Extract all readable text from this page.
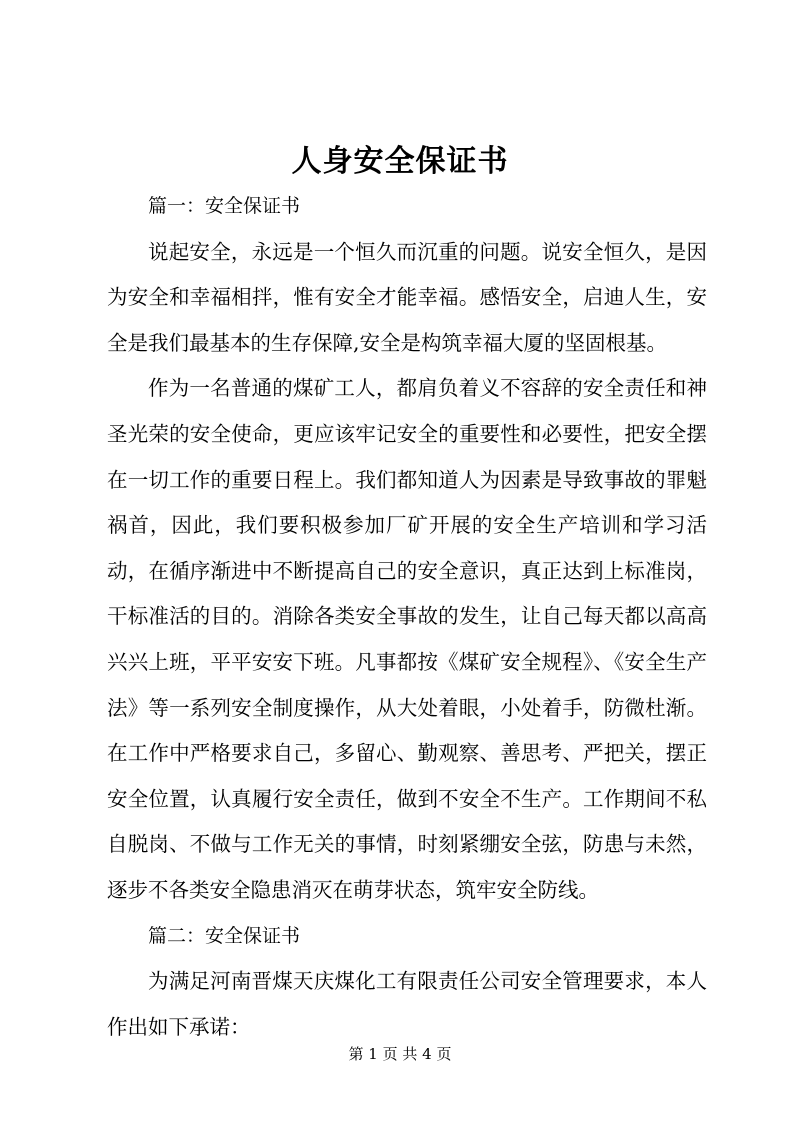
人身安全保证书

篇一：安全保证书

说起安全，永远是一个恒久而沉重的问题。说安全恒久，是因为安全和幸福相拌，惟有安全才能幸福。感悟安全，启迪人生，安全是我们最基本的生存保障,安全是构筑幸福大厦的坚固根基。

作为一名普通的煤矿工人，都肩负着义不容辞的安全责任和神圣光荣的安全使命，更应该牢记安全的重要性和必要性，把安全摆在一切工作的重要日程上。我们都知道人为因素是导致事故的罪魁祸首，因此，我们要积极参加厂矿开展的安全生产培训和学习活动，在循序渐进中不断提高自己的安全意识，真正达到上标准岗，干标准活的目的。消除各类安全事故的发生，让自己每天都以高高兴兴上班，平平安安下班。凡事都按《煤矿安全规程》、《安全生产法》等一系列安全制度操作，从大处着眼，小处着手，防微杜渐。在工作中严格要求自己，多留心、勤观察、善思考、严把关，摆正安全位置，认真履行安全责任，做到不安全不生产。工作期间不私自脱岗、不做与工作无关的事情，时刻紧绷安全弦，防患与未然，逐步不各类安全隐患消灭在萌芽状态，筑牢安全防线。

篇二：安全保证书

为满足河南晋煤天庆煤化工有限责任公司安全管理要求，本人作出如下承诺：

第 1 页 共 4 页
